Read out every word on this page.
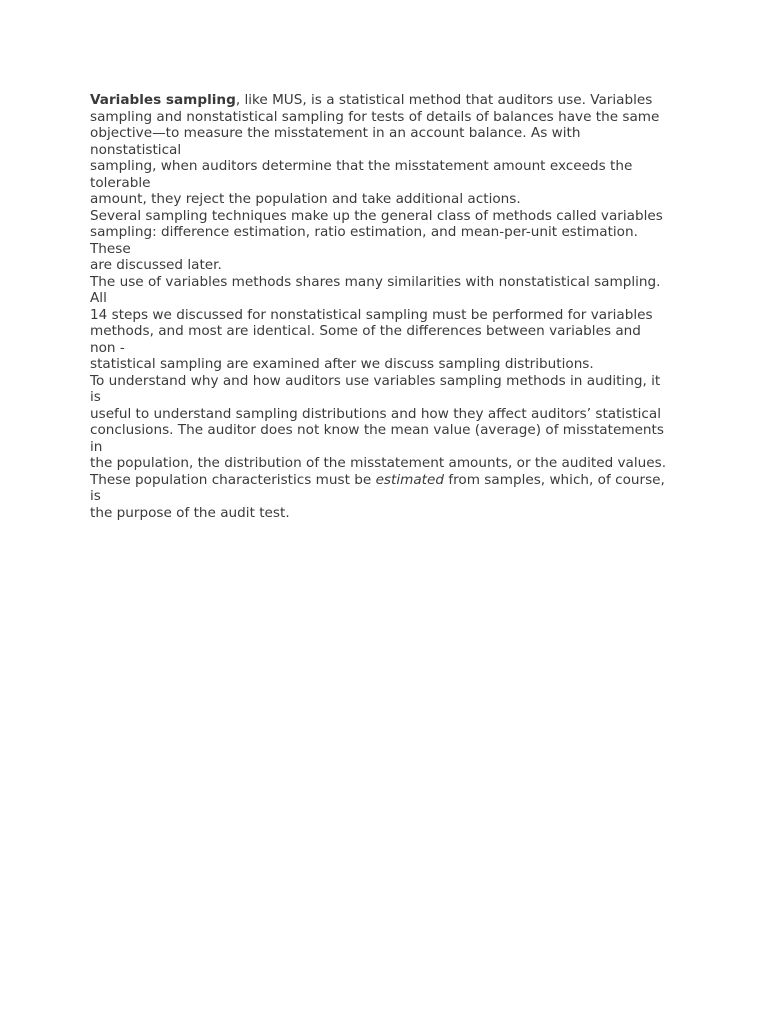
Variables sampling, like MUS, is a statistical method that auditors use. Variables
sampling and nonstatistical sampling for tests of details of balances have the same
objective—to measure the misstatement in an account balance. As with
nonstatistical
sampling, when auditors determine that the misstatement amount exceeds the
tolerable
amount, they reject the population and take additional actions.
Several sampling techniques make up the general class of methods called variables
sampling: difference estimation, ratio estimation, and mean-per-unit estimation.
These
are discussed later.
The use of variables methods shares many similarities with nonstatistical sampling.
All
14 steps we discussed for nonstatistical sampling must be performed for variables
methods, and most are identical. Some of the differences between variables and
non -
statistical sampling are examined after we discuss sampling distributions.
To understand why and how auditors use variables sampling methods in auditing, it
is
useful to understand sampling distributions and how they affect auditors’ statistical
conclusions. The auditor does not know the mean value (average) of misstatements
in
the population, the distribution of the misstatement amounts, or the audited values.
These population characteristics must be estimated from samples, which, of course,
is
the purpose of the audit test.
